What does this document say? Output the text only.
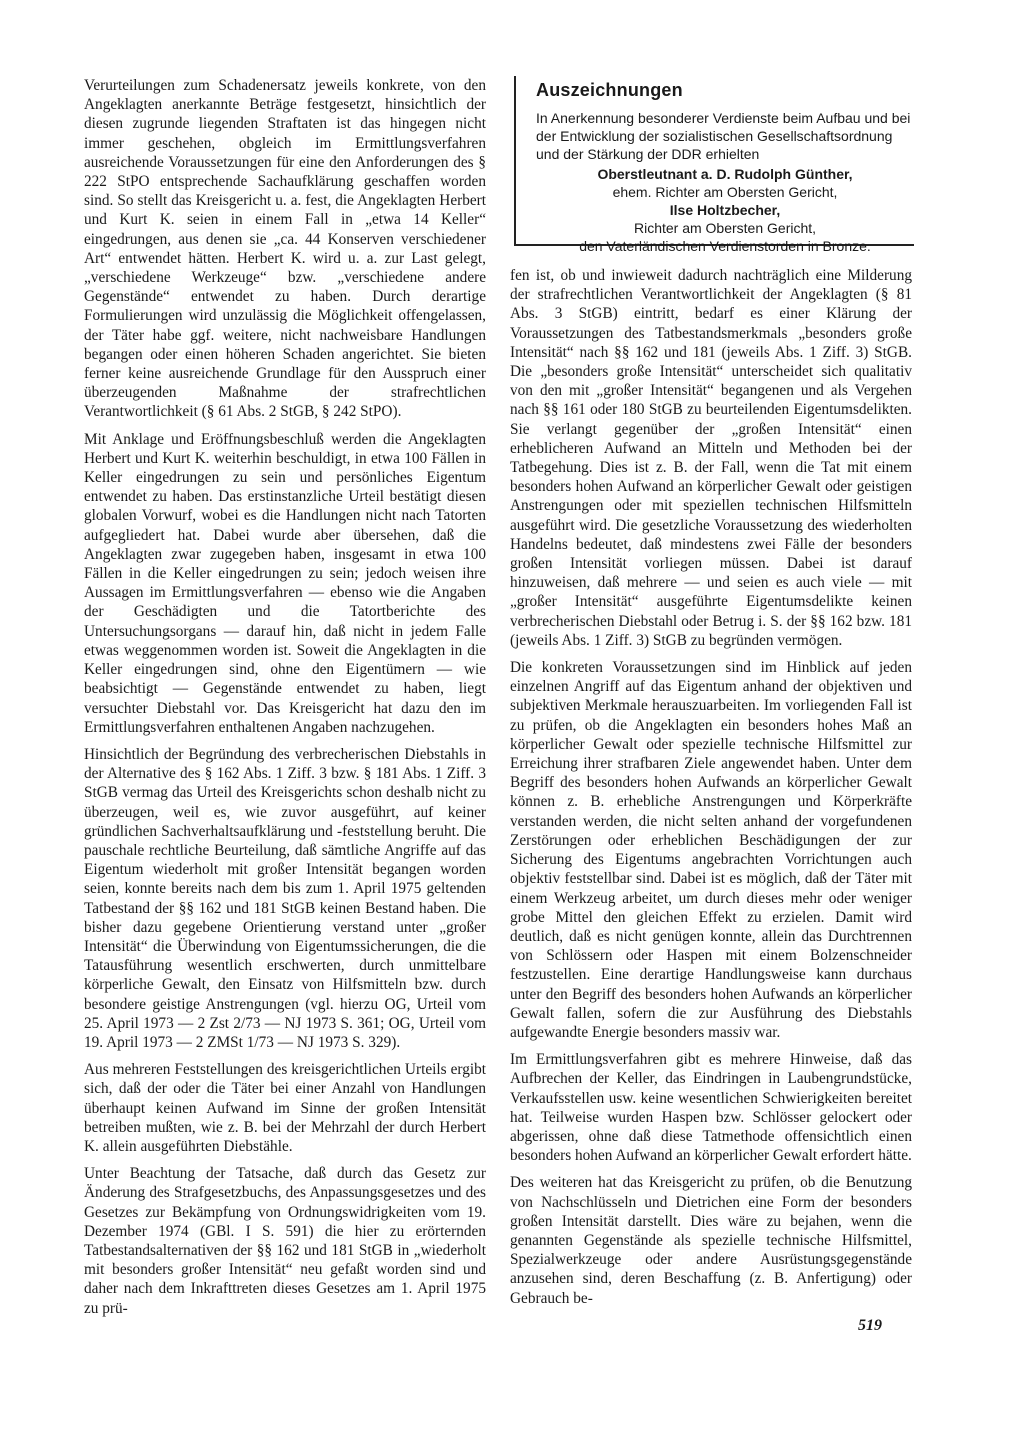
Verurteilungen zum Schadenersatz jeweils konkrete, von den Angeklagten anerkannte Beträge festgesetzt, hinsichtlich der diesen zugrunde liegenden Straftaten ist das hingegen nicht immer geschehen, obgleich im Ermittlungsverfahren ausreichende Voraussetzungen für eine den Anforderungen des § 222 StPO entsprechende Sachaufklärung geschaffen worden sind. So stellt das Kreisgericht u. a. fest, die Angeklagten Herbert und Kurt K. seien in einem Fall in „etwa 14 Keller“ eingedrungen, aus denen sie „ca. 44 Konserven verschiedener Art“ entwendet hätten. Herbert K. wird u. a. zur Last gelegt, „verschiedene Werkzeuge“ bzw. „verschiedene andere Gegenstände“ entwendet zu haben. Durch derartige Formulierungen wird unzulässig die Möglichkeit offengelassen, der Täter habe ggf. weitere, nicht nachweisbare Handlungen begangen oder einen höheren Schaden angerichtet. Sie bieten ferner keine ausreichende Grundlage für den Ausspruch einer überzeugenden Maßnahme der strafrechtlichen Verantwortlichkeit (§ 61 Abs. 2 StGB, § 242 StPO).

Mit Anklage und Eröffnungsbeschluß werden die Angeklagten Herbert und Kurt K. weiterhin beschuldigt, in etwa 100 Fällen in Keller eingedrungen zu sein und persönliches Eigentum entwendet zu haben. Das erstinstanzliche Urteil bestätigt diesen globalen Vorwurf, wobei es die Handlungen nicht nach Tatorten aufgegliedert hat. Dabei wurde aber übersehen, daß die Angeklagten zwar zugegeben haben, insgesamt in etwa 100 Fällen in die Keller eingedrungen zu sein; jedoch weisen ihre Aussagen im Ermittlungsverfahren — ebenso wie die Angaben der Geschädigten und die Tatortberichte des Untersuchungsorgans — darauf hin, daß nicht in jedem Falle etwas weggenommen worden ist. Soweit die Angeklagten in die Keller eingedrungen sind, ohne den Eigentümern — wie beabsichtigt — Gegenstände entwendet zu haben, liegt versuchter Diebstahl vor. Das Kreisgericht hat dazu den im Ermittlungsverfahren enthaltenen Angaben nachzugehen.

Hinsichtlich der Begründung des verbrecherischen Diebstahls in der Alternative des § 162 Abs. 1 Ziff. 3 bzw. § 181 Abs. 1 Ziff. 3 StGB vermag das Urteil des Kreisgerichts schon deshalb nicht zu überzeugen, weil es, wie zuvor ausgeführt, auf keiner gründlichen Sachverhaltsaufklärung und -feststellung beruht. Die pauschale rechtliche Beurteilung, daß sämtliche Angriffe auf das Eigentum wiederholt mit großer Intensität begangen worden seien, konnte bereits nach dem bis zum 1. April 1975 geltenden Tatbestand der §§ 162 und 181 StGB keinen Bestand haben. Die bisher dazu gegebene Orientierung verstand unter „großer Intensität“ die Überwindung von Eigentumssicherungen, die die Tatausführung wesentlich erschwerten, durch unmittelbare körperliche Gewalt, den Einsatz von Hilfsmitteln bzw. durch besondere geistige Anstrengungen (vgl. hierzu OG, Urteil vom 25. April 1973 — 2 Zst 2/73 — NJ 1973 S. 361; OG, Urteil vom 19. April 1973 — 2 ZMSt 1/73 — NJ 1973 S. 329).

Aus mehreren Feststellungen des kreisgerichtlichen Urteils ergibt sich, daß der oder die Täter bei einer Anzahl von Handlungen überhaupt keinen Aufwand im Sinne der großen Intensität betreiben mußten, wie z. B. bei der Mehrzahl der durch Herbert K. allein ausgeführten Diebstähle.

Unter Beachtung der Tatsache, daß durch das Gesetz zur Änderung des Strafgesetzbuchs, des Anpassungsgesetzes und des Gesetzes zur Bekämpfung von Ordnungswidrigkeiten vom 19. Dezember 1974 (GBl. I S. 591) die hier zu erörternden Tatbestandsalternativen der §§ 162 und 181 StGB in „wiederholt mit besonders großer Intensität“ neu gefaßt worden sind und daher nach dem Inkrafttreten dieses Gesetzes am 1. April 1975 zu prü-

Auszeichnungen

In Anerkennung besonderer Verdienste beim Aufbau und bei der Entwicklung der sozialistischen Gesellschaftsordnung und der Stärkung der DDR erhielten

Oberstleutnant a. D. Rudolph Günther,

ehem. Richter am Obersten Gericht,

Ilse Holtzbecher,

Richter am Obersten Gericht,

den Vaterländischen Verdienstorden in Bronze.

fen ist, ob und inwieweit dadurch nachträglich eine Milderung der strafrechtlichen Verantwortlichkeit der Angeklagten (§ 81 Abs. 3 StGB) eintritt, bedarf es einer Klärung der Voraussetzungen des Tatbestandsmerkmals „besonders große Intensität“ nach §§ 162 und 181 (jeweils Abs. 1 Ziff. 3) StGB. Die „besonders große Intensität“ unterscheidet sich qualitativ von den mit „großer Intensität“ begangenen und als Vergehen nach §§ 161 oder 180 StGB zu beurteilenden Eigentumsdelikten. Sie verlangt gegenüber der „großen Intensität“ einen erheblicheren Aufwand an Mitteln und Methoden bei der Tatbegehung. Dies ist z. B. der Fall, wenn die Tat mit einem besonders hohen Aufwand an körperlicher Gewalt oder geistigen Anstrengungen oder mit speziellen technischen Hilfsmitteln ausgeführt wird. Die gesetzliche Voraussetzung des wiederholten Handelns bedeutet, daß mindestens zwei Fälle der besonders großen Intensität vorliegen müssen. Dabei ist darauf hinzuweisen, daß mehrere — und seien es auch viele — mit „großer Intensität“ ausgeführte Eigentumsdelikte keinen verbrecherischen Diebstahl oder Betrug i. S. der §§ 162 bzw. 181 (jeweils Abs. 1 Ziff. 3) StGB zu begründen vermögen.

Die konkreten Voraussetzungen sind im Hinblick auf jeden einzelnen Angriff auf das Eigentum anhand der objektiven und subjektiven Merkmale herauszuarbeiten. Im vorliegenden Fall ist zu prüfen, ob die Angeklagten ein besonders hohes Maß an körperlicher Gewalt oder spezielle technische Hilfsmittel zur Erreichung ihrer strafbaren Ziele angewendet haben. Unter dem Begriff des besonders hohen Aufwands an körperlicher Gewalt können z. B. erhebliche Anstrengungen und Körperkräfte verstanden werden, die nicht selten anhand der vorgefundenen Zerstörungen oder erheblichen Beschädigungen der zur Sicherung des Eigentums angebrachten Vorrichtungen auch objektiv feststellbar sind. Dabei ist es möglich, daß der Täter mit einem Werkzeug arbeitet, um durch dieses mehr oder weniger grobe Mittel den gleichen Effekt zu erzielen. Damit wird deutlich, daß es nicht genügen konnte, allein das Durchtrennen von Schlössern oder Haspen mit einem Bolzenschneider festzustellen. Eine derartige Handlungsweise kann durchaus unter den Begriff des besonders hohen Aufwands an körperlicher Gewalt fallen, sofern die zur Ausführung des Diebstahls aufgewandte Energie besonders massiv war.

Im Ermittlungsverfahren gibt es mehrere Hinweise, daß das Aufbrechen der Keller, das Eindringen in Laubengrundstücke, Verkaufsstellen usw. keine wesentlichen Schwierigkeiten bereitet hat. Teilweise wurden Haspen bzw. Schlösser gelockert oder abgerissen, ohne daß diese Tatmethode offensichtlich einen besonders hohen Aufwand an körperlicher Gewalt erfordert hätte.

Des weiteren hat das Kreisgericht zu prüfen, ob die Benutzung von Nachschlüsseln und Dietrichen eine Form der besonders großen Intensität darstellt. Dies wäre zu bejahen, wenn die genannten Gegenstände als spezielle technische Hilfsmittel, Spezialwerkzeuge oder andere Ausrüstungsgegenstände anzusehen sind, deren Beschaffung (z. B. Anfertigung) oder Gebrauch be-

519
